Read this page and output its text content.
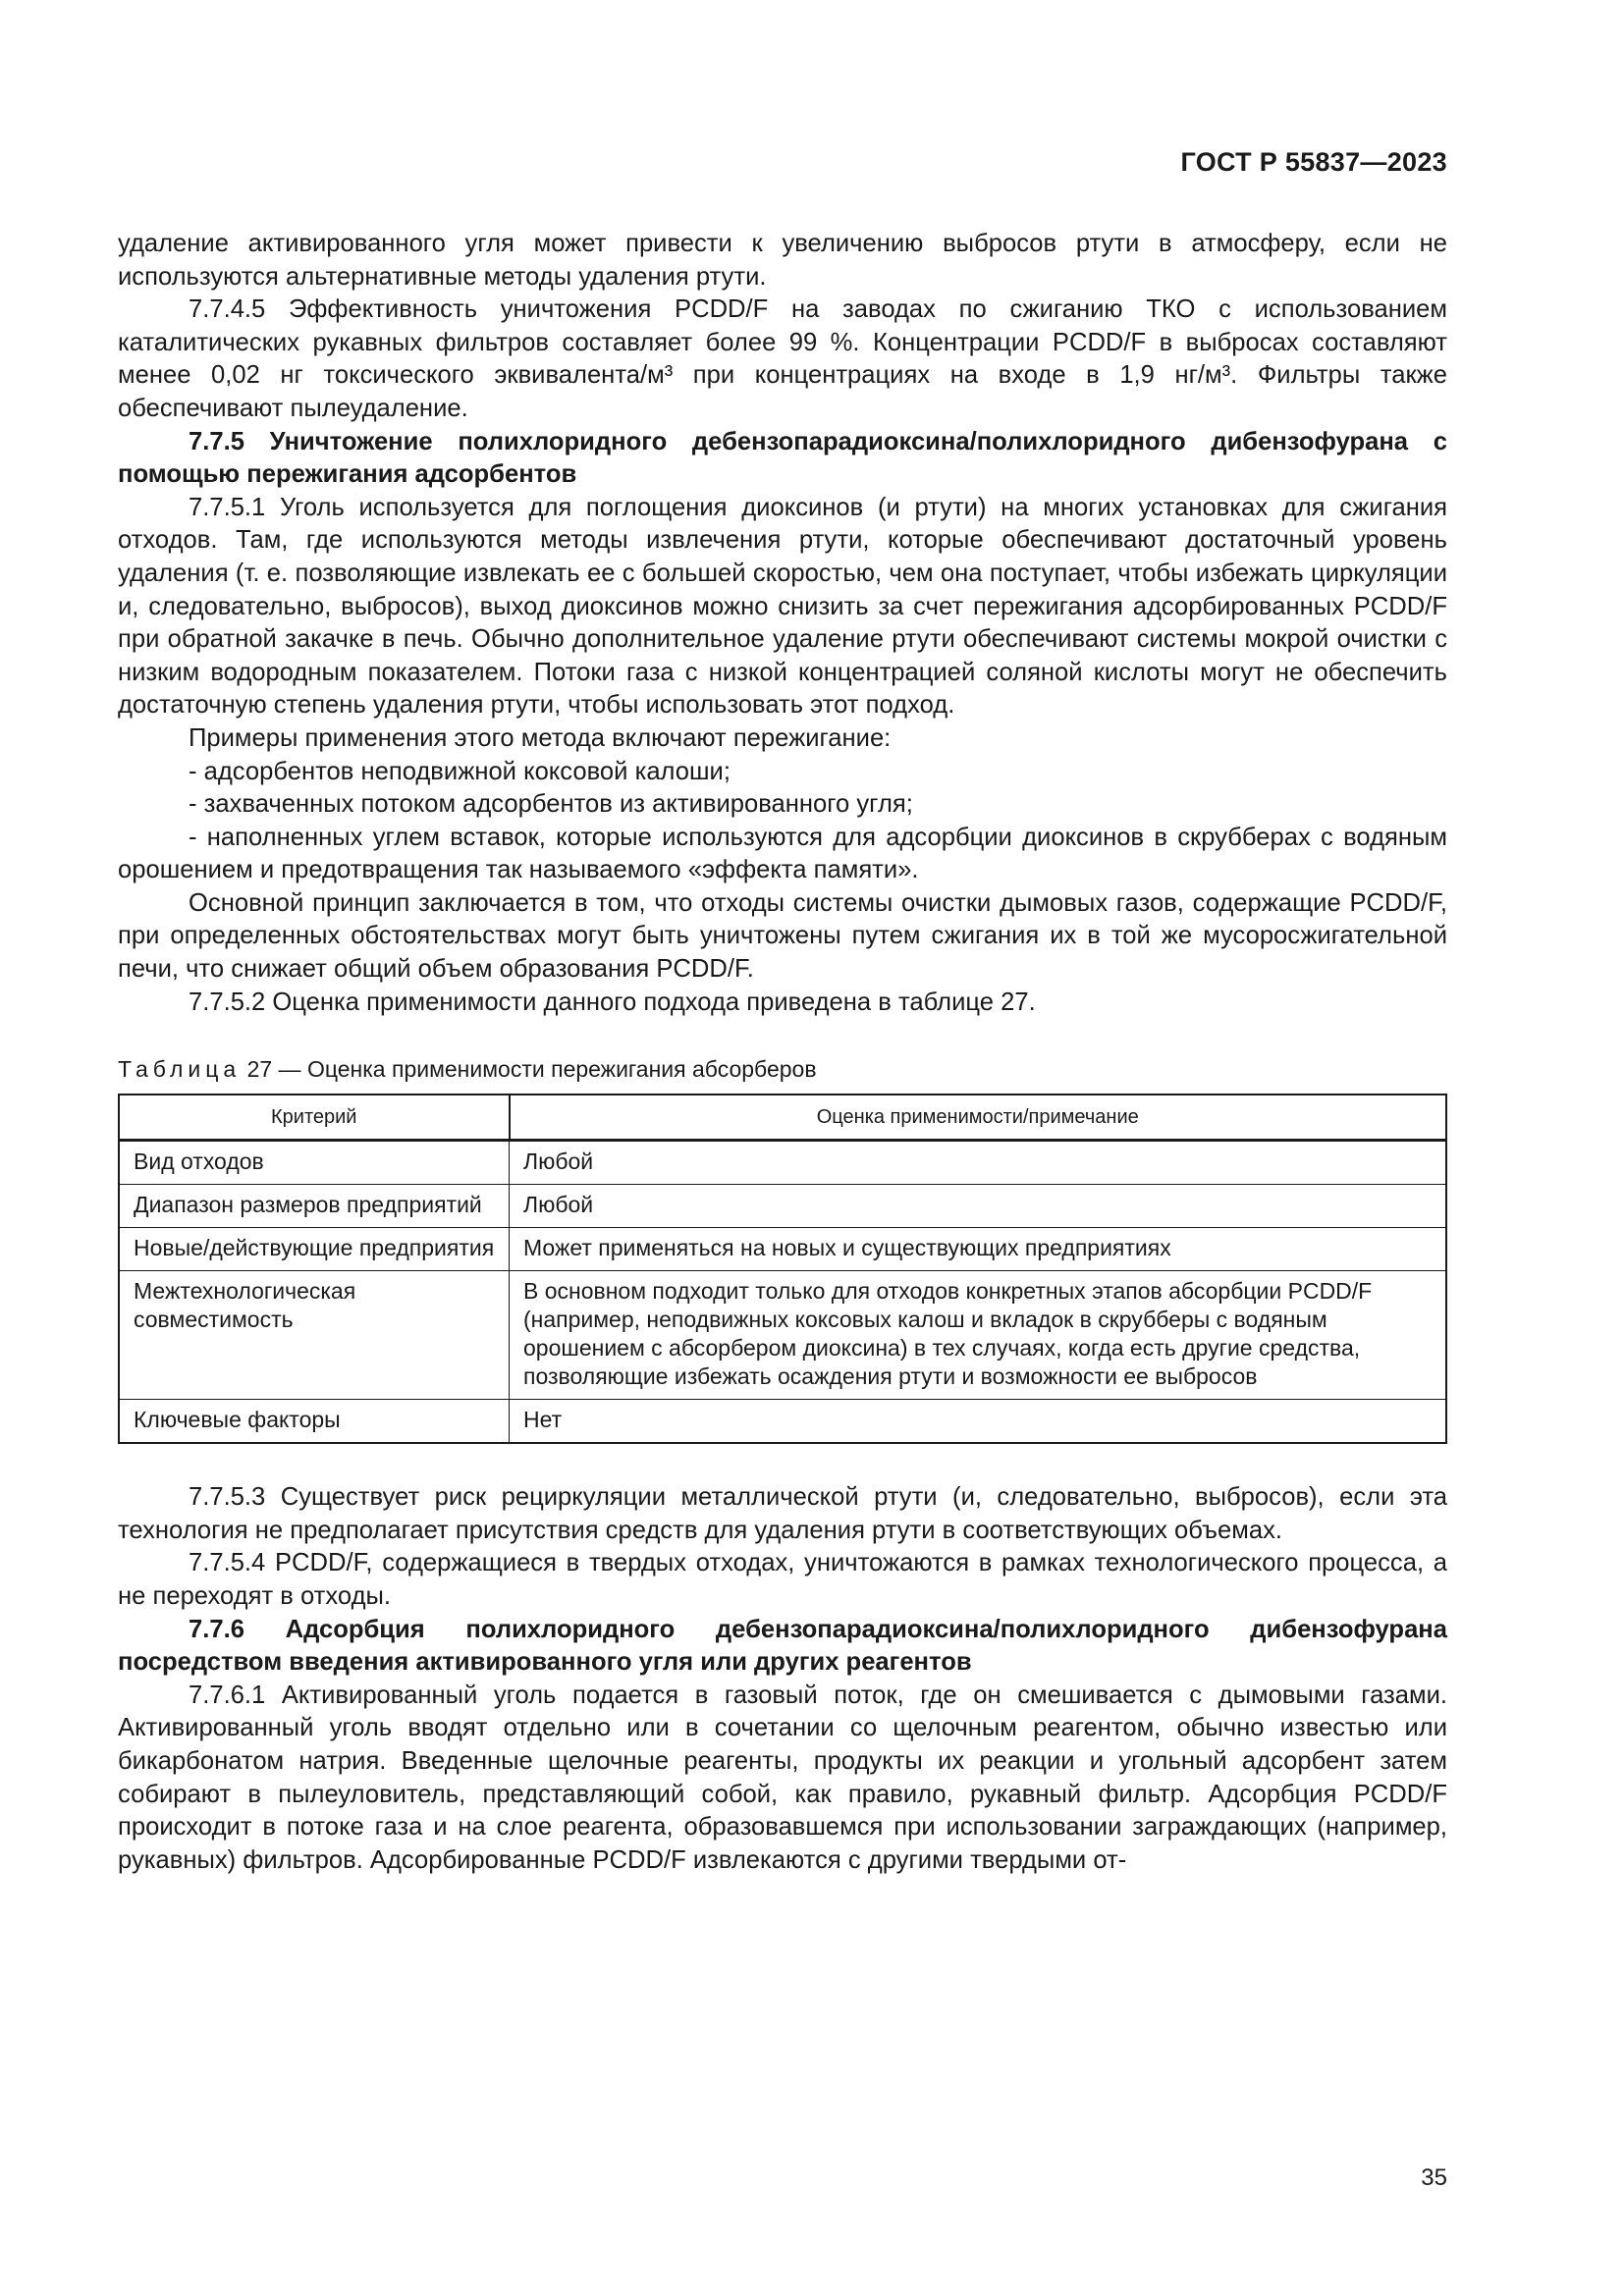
ГОСТ Р 55837—2023

удаление активированного угля может привести к увеличению выбросов ртути в атмосферу, если не используются альтернативные методы удаления ртути.

7.7.4.5 Эффективность уничтожения PCDD/F на заводах по сжиганию ТКО с использованием каталитических рукавных фильтров составляет более 99 %. Концентрации PCDD/F в выбросах составляют менее 0,02 нг токсического эквивалента/м³ при концентрациях на входе в 1,9 нг/м³. Фильтры также обеспечивают пылеудаление.

7.7.5 Уничтожение полихлоридного дебензопарадиоксина/полихлоридного дибензофурана с помощью пережигания адсорбентов

7.7.5.1 Уголь используется для поглощения диоксинов (и ртути) на многих установках для сжигания отходов. Там, где используются методы извлечения ртути, которые обеспечивают достаточный уровень удаления (т. е. позволяющие извлекать ее с большей скоростью, чем она поступает, чтобы избежать циркуляции и, следовательно, выбросов), выход диоксинов можно снизить за счет пережигания адсорбированных PCDD/F при обратной закачке в печь. Обычно дополнительное удаление ртути обеспечивают системы мокрой очистки с низким водородным показателем. Потоки газа с низкой концентрацией соляной кислоты могут не обеспечить достаточную степень удаления ртути, чтобы использовать этот подход.

Примеры применения этого метода включают пережигание:

- адсорбентов неподвижной коксовой калоши;

- захваченных потоком адсорбентов из активированного угля;

- наполненных углем вставок, которые используются для адсорбции диоксинов в скрубберах с водяным орошением и предотвращения так называемого «эффекта памяти».

Основной принцип заключается в том, что отходы системы очистки дымовых газов, содержащие PCDD/F, при определенных обстоятельствах могут быть уничтожены путем сжигания их в той же мусоросжигательной печи, что снижает общий объем образования PCDD/F.

7.7.5.2 Оценка применимости данного подхода приведена в таблице 27.

Таблица 27 — Оценка применимости пережигания абсорберов
Критерий	Оценка применимости/примечание
Вид отходов	Любой
Диапазон размеров предприятий	Любой
Новые/действующие предприятия	Может применяться на новых и существующих предприятиях
Межтехнологическая совместимость	В основном подходит только для отходов конкретных этапов абсорбции PCDD/F (например, неподвижных коксовых калош и вкладок в скрубберы с водяным орошением с абсорбером диоксина) в тех случаях, когда есть другие средства, позволяющие избежать осаждения ртути и возможности ее выбросов
Ключевые факторы	Нет

7.7.5.3 Существует риск рециркуляции металлической ртути (и, следовательно, выбросов), если эта технология не предполагает присутствия средств для удаления ртути в соответствующих объемах.

7.7.5.4 PCDD/F, содержащиеся в твердых отходах, уничтожаются в рамках технологического процесса, а не переходят в отходы.

7.7.6 Адсорбция полихлоридного дебензопарадиоксина/полихлоридного дибензофурана посредством введения активированного угля или других реагентов

7.7.6.1 Активированный уголь подается в газовый поток, где он смешивается с дымовыми газами. Активированный уголь вводят отдельно или в сочетании со щелочным реагентом, обычно известью или бикарбонатом натрия. Введенные щелочные реагенты, продукты их реакции и угольный адсорбент затем собирают в пылеуловитель, представляющий собой, как правило, рукавный фильтр. Адсорбция PCDD/F происходит в потоке газа и на слое реагента, образовавшемся при использовании заграждающих (например, рукавных) фильтров. Адсорбированные PCDD/F извлекаются с другими твердыми от-

35
